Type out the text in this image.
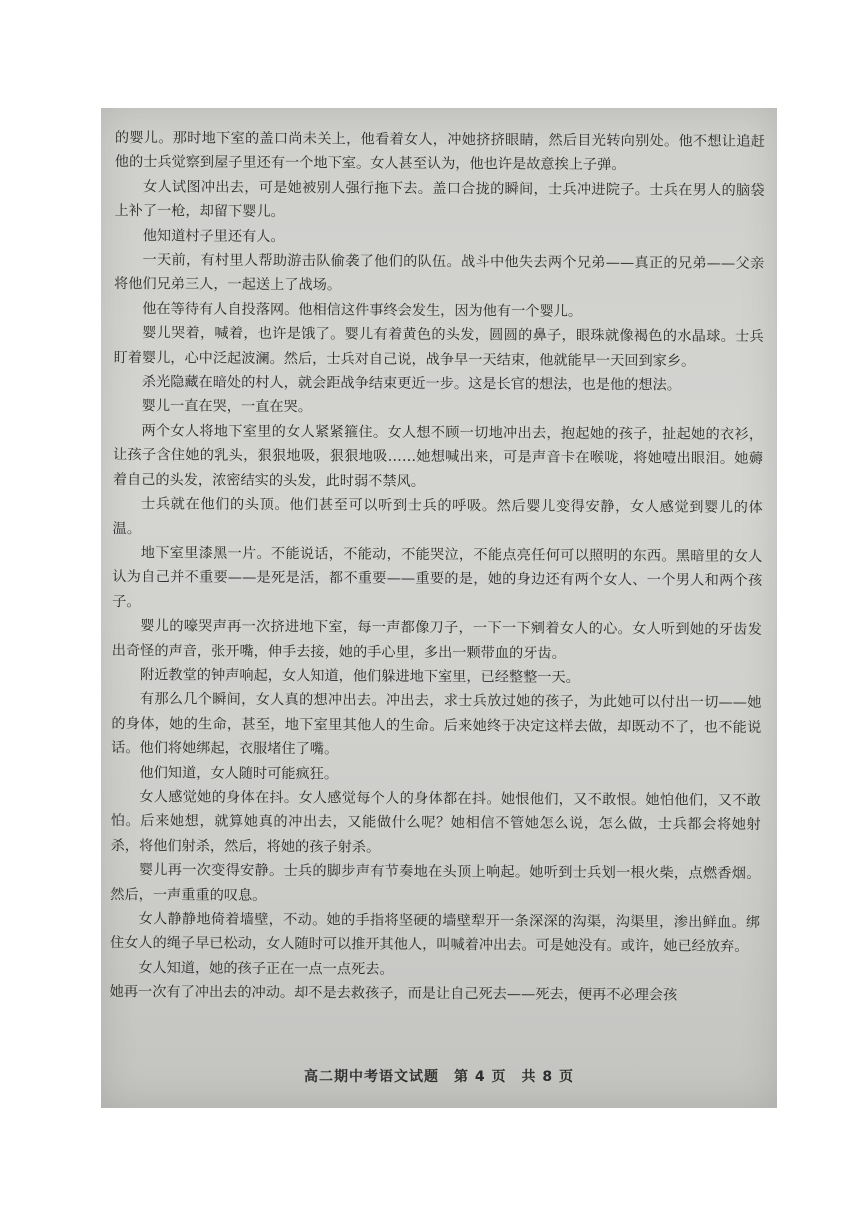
的婴儿。那时地下室的盖口尚未关上，他看着女人，冲她挤挤眼睛，然后目光转向别处。他不想让追赶他的士兵觉察到屋子里还有一个地下室。女人甚至认为，他也许是故意挨上子弹。

女人试图冲出去，可是她被别人强行拖下去。盖口合拢的瞬间，士兵冲进院子。士兵在男人的脑袋上补了一枪，却留下婴儿。

他知道村子里还有人。

一天前，有村里人帮助游击队偷袭了他们的队伍。战斗中他失去两个兄弟——真正的兄弟——父亲将他们兄弟三人，一起送上了战场。

他在等待有人自投落网。他相信这件事终会发生，因为他有一个婴儿。

婴儿哭着，喊着，也许是饿了。婴儿有着黄色的头发，圆圆的鼻子，眼珠就像褐色的水晶球。士兵盯着婴儿，心中泛起波澜。然后，士兵对自己说，战争早一天结束，他就能早一天回到家乡。

杀光隐藏在暗处的村人，就会距战争结束更近一步。这是长官的想法，也是他的想法。

婴儿一直在哭，一直在哭。

两个女人将地下室里的女人紧紧箍住。女人想不顾一切地冲出去，抱起她的孩子，扯起她的衣衫，让孩子含住她的乳头，狠狠地吸，狠狠地吸……她想喊出来，可是声音卡在喉咙，将她噎出眼泪。她薅着自己的头发，浓密结实的头发，此时弱不禁风。

士兵就在他们的头顶。他们甚至可以听到士兵的呼吸。然后婴儿变得安静，女人感觉到婴儿的体温。

地下室里漆黑一片。不能说话，不能动，不能哭泣，不能点亮任何可以照明的东西。黑暗里的女人认为自己并不重要——是死是活，都不重要——重要的是，她的身边还有两个女人、一个男人和两个孩子。

婴儿的嚎哭声再一次挤进地下室，每一声都像刀子，一下一下剜着女人的心。女人听到她的牙齿发出奇怪的声音，张开嘴，伸手去接，她的手心里，多出一颗带血的牙齿。

附近教堂的钟声响起，女人知道，他们躲进地下室里，已经整整一天。

有那么几个瞬间，女人真的想冲出去。冲出去，求士兵放过她的孩子，为此她可以付出一切——她的身体，她的生命，甚至，地下室里其他人的生命。后来她终于决定这样去做，却既动不了，也不能说话。他们将她绑起，衣服堵住了嘴。

他们知道，女人随时可能疯狂。

女人感觉她的身体在抖。女人感觉每个人的身体都在抖。她恨他们，又不敢恨。她怕他们，又不敢怕。后来她想，就算她真的冲出去，又能做什么呢？她相信不管她怎么说，怎么做，士兵都会将她射杀，将他们射杀，然后，将她的孩子射杀。

婴儿再一次变得安静。士兵的脚步声有节奏地在头顶上响起。她听到士兵划一根火柴，点燃香烟。然后，一声重重的叹息。

女人静静地倚着墙壁，不动。她的手指将坚硬的墙壁犁开一条深深的沟渠，沟渠里，渗出鲜血。绑住女人的绳子早已松动，女人随时可以推开其他人，叫喊着冲出去。可是她没有。或许，她已经放弃。

女人知道，她的孩子正在一点一点死去。

她再一次有了冲出去的冲动。却不是去救孩子，而是让自己死去——死去，便再不必理会孩

高二期中考语文试题　第 4 页　共 8 页
